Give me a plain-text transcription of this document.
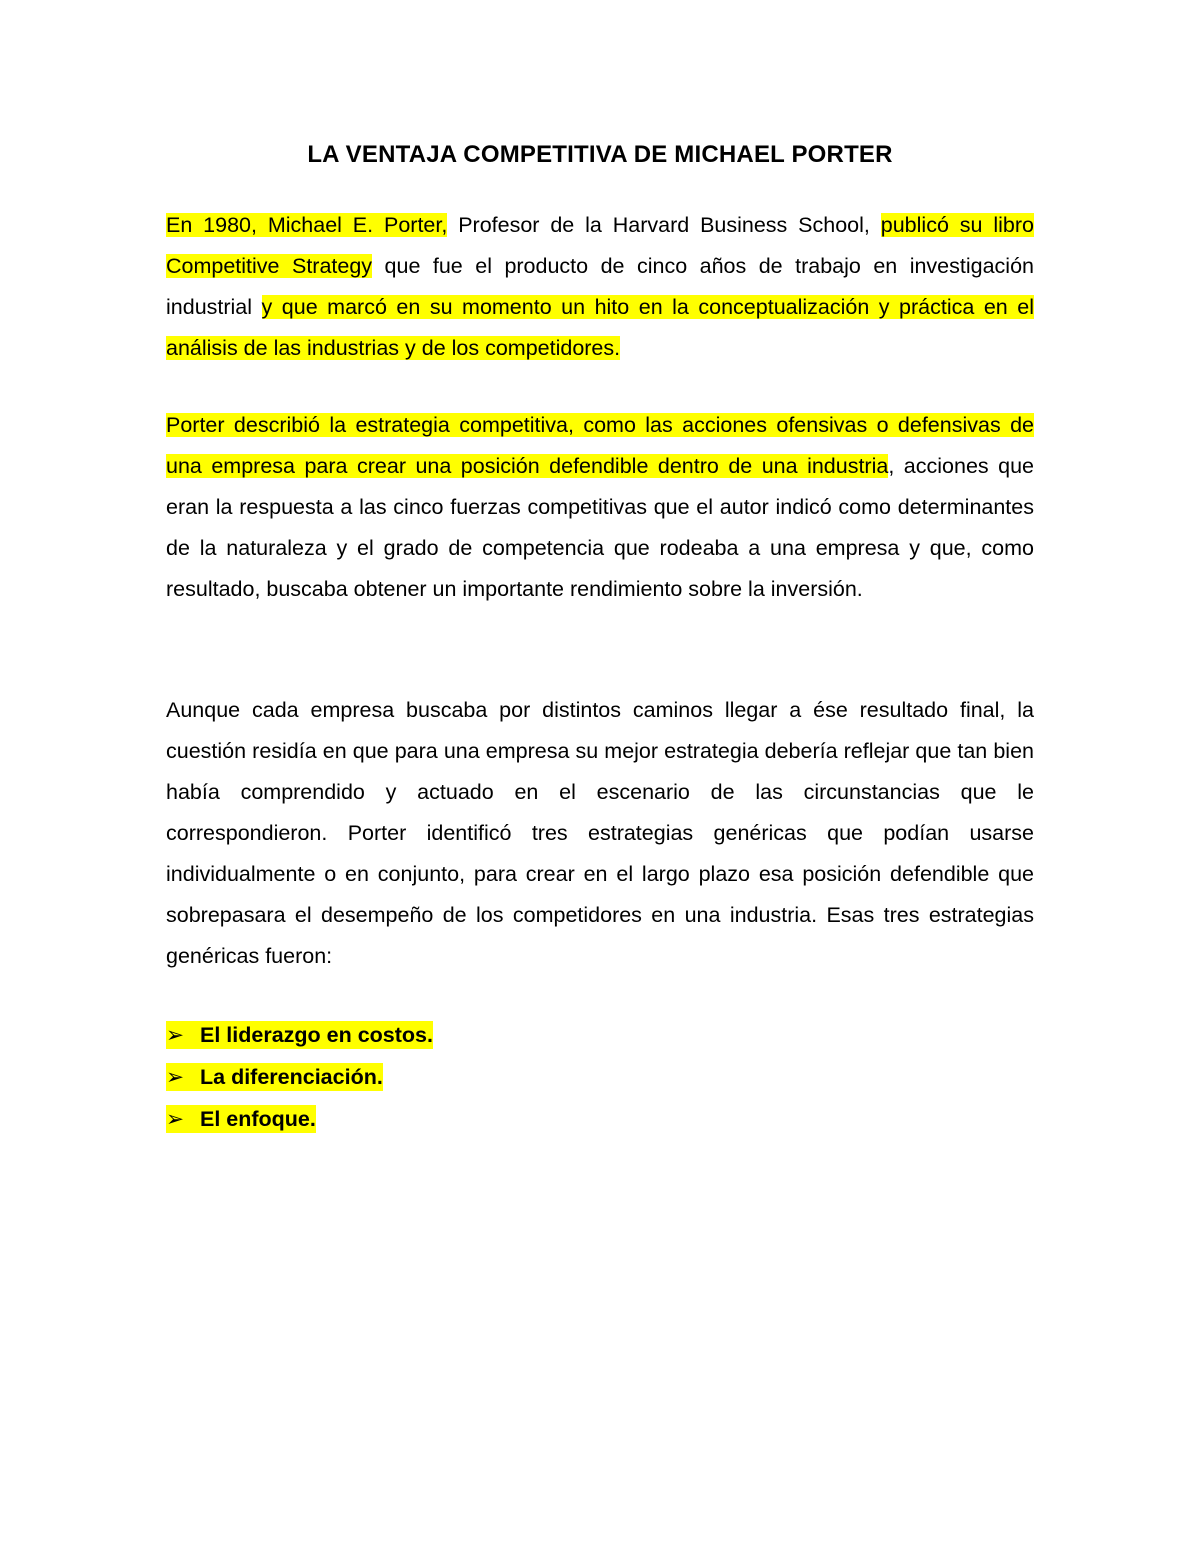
LA VENTAJA COMPETITIVA DE MICHAEL PORTER

En 1980, Michael E. Porter, Profesor de la Harvard Business School, publicó su libro Competitive Strategy que fue el producto de cinco años de trabajo en investigación industrial y que marcó en su momento un hito en la conceptualización y práctica en el análisis de las industrias y de los competidores.

Porter describió la estrategia competitiva, como las acciones ofensivas o defensivas de una empresa para crear una posición defendible dentro de una industria, acciones que eran la respuesta a las cinco fuerzas competitivas que el autor indicó como determinantes de la naturaleza y el grado de competencia que rodeaba a una empresa y que, como resultado, buscaba obtener un importante rendimiento sobre la inversión.

Aunque cada empresa buscaba por distintos caminos llegar a ése resultado final, la cuestión residía en que para una empresa su mejor estrategia debería reflejar que tan bien había comprendido y actuado en el escenario de las circunstancias que le correspondieron. Porter identificó tres estrategias genéricas que podían usarse individualmente o en conjunto, para crear en el largo plazo esa posición defendible que sobrepasara el desempeño de los competidores en una industria. Esas tres estrategias genéricas fueron:

➢ El liderazgo en costos.
➢ La diferenciación.
➢ El enfoque.
